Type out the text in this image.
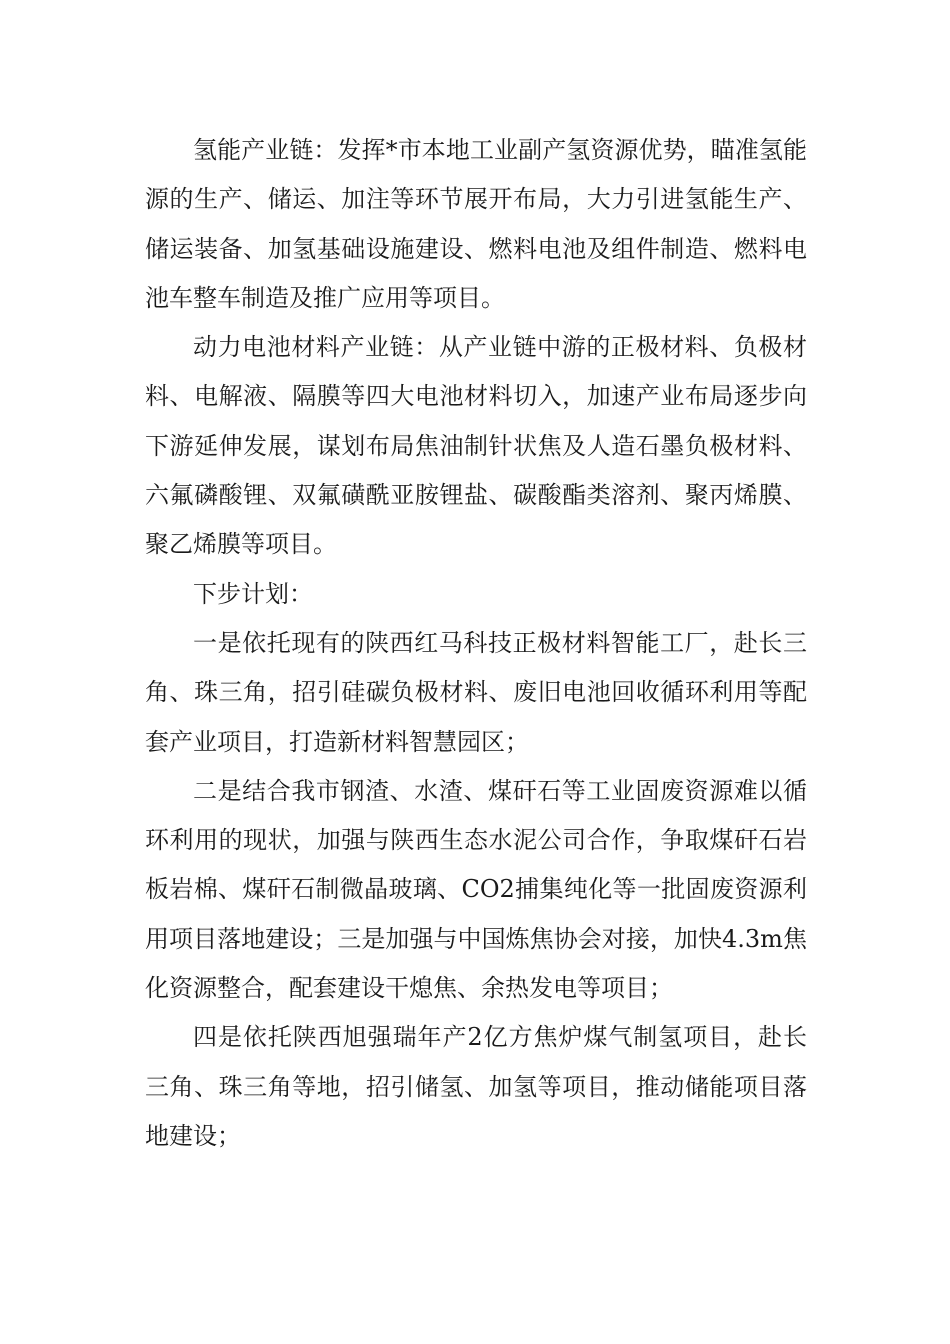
氢能产业链：发挥*市本地工业副产氢资源优势，瞄准氢能源的生产、储运、加注等环节展开布局，大力引进氢能生产、储运装备、加氢基础设施建设、燃料电池及组件制造、燃料电池车整车制造及推广应用等项目。

动力电池材料产业链：从产业链中游的正极材料、负极材料、电解液、隔膜等四大电池材料切入，加速产业布局逐步向下游延伸发展，谋划布局焦油制针状焦及人造石墨负极材料、六氟磷酸锂、双氟磺酰亚胺锂盐、碳酸酯类溶剂、聚丙烯膜、聚乙烯膜等项目。

下步计划：

一是依托现有的陕西红马科技正极材料智能工厂，赴长三角、珠三角，招引硅碳负极材料、废旧电池回收循环利用等配套产业项目，打造新材料智慧园区；

二是结合我市钢渣、水渣、煤矸石等工业固废资源难以循环利用的现状，加强与陕西生态水泥公司合作，争取煤矸石岩板岩棉、煤矸石制微晶玻璃、CO2捕集纯化等一批固废资源利用项目落地建设；三是加强与中国炼焦协会对接，加快4.3m焦化资源整合，配套建设干熄焦、余热发电等项目；

四是依托陕西旭强瑞年产2亿方焦炉煤气制氢项目，赴长三角、珠三角等地，招引储氢、加氢等项目，推动储能项目落地建设；
